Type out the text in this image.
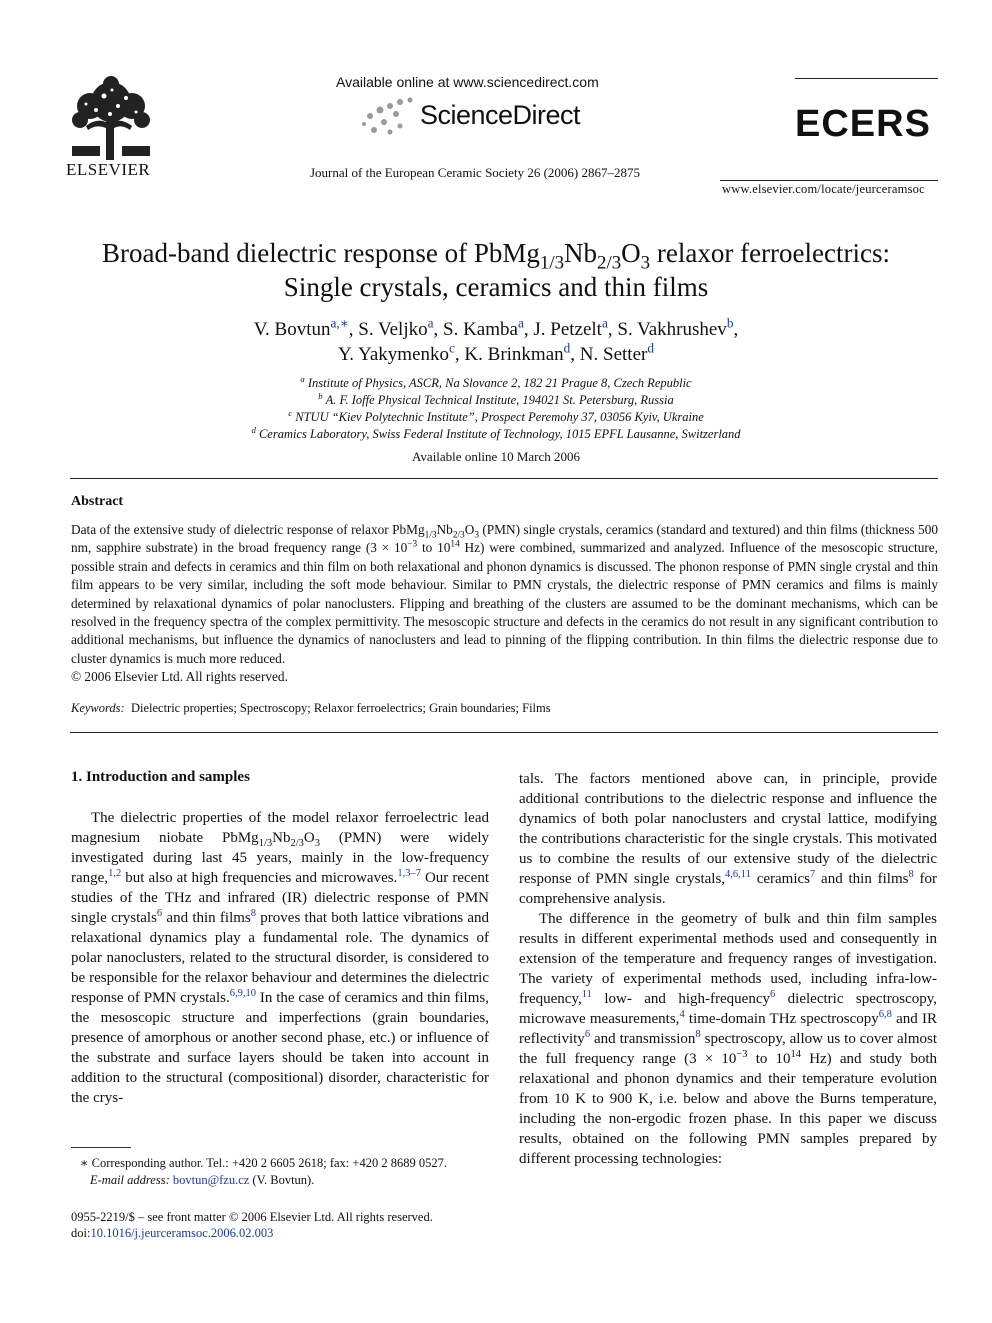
ELSEVIER
Available online at www.sciencedirect.com
ScienceDirect
Journal of the European Ceramic Society 26 (2006) 2867–2875
ECERS
www.elsevier.com/locate/jeurceramsoc
Broad-band dielectric response of $PbMg_{1/3}Nb_{2/3}O_3$ relaxor ferroelectrics:
Single crystals, ceramics and thin films
V. Bovtun$^{a,∗}$, S. Veljko$^a$, S. Kamba$^a$, J. Petzelt$^a$, S. Vakhrushev$^b$,
Y. Yakymenko$^c$, K. Brinkman$^d$, N. Setter$^d$
$^a$ Institute of Physics, ASCR, Na Slovance 2, 182 21 Prague 8, Czech Republic
$^b$ A. F. Ioffe Physical Technical Institute, 194021 St. Petersburg, Russia
$^c$ NTUU “Kiev Polytechnic Institute”, Prospect Peremohy 37, 03056 Kyiv, Ukraine
$^d$ Ceramics Laboratory, Swiss Federal Institute of Technology, 1015 EPFL Lausanne, Switzerland
Available online 10 March 2006
Abstract
Data of the extensive study of dielectric response of relaxor $PbMg_{1/3}Nb_{2/3}O_3$ (PMN) single crystals, ceramics (standard and textured) and thin films (thickness 500 nm, sapphire substrate) in the broad frequency range ($3 \times 10^{-3}$ to $10^{14}$ Hz) were combined, summarized and analyzed. Influence of the mesoscopic structure, possible strain and defects in ceramics and thin film on both relaxational and phonon dynamics is discussed. The phonon response of PMN single crystal and thin film appears to be very similar, including the soft mode behaviour. Similar to PMN crystals, the dielectric response of PMN ceramics and films is mainly determined by relaxational dynamics of polar nanoclusters. Flipping and breathing of the clusters are assumed to be the dominant mechanisms, which can be resolved in the frequency spectra of the complex permittivity. The mesoscopic structure and defects in the ceramics do not result in any significant contribution to additional mechanisms, but influence the dynamics of nanoclusters and lead to pinning of the flipping contribution. In thin films the dielectric response due to cluster dynamics is much more reduced.
© 2006 Elsevier Ltd. All rights reserved.
Keywords: Dielectric properties; Spectroscopy; Relaxor ferroelectrics; Grain boundaries; Films
1. Introduction and samples
The dielectric properties of the model relaxor ferroelectric lead magnesium niobate $PbMg_{1/3}Nb_{2/3}O_3$ (PMN) were widely investigated during last 45 years, mainly in the low-frequency range,$^{1,2}$ but also at high frequencies and microwaves.$^{1,3-7}$ Our recent studies of the THz and infrared (IR) dielectric response of PMN single crystals$^6$ and thin films$^8$ proves that both lattice vibrations and relaxational dynamics play a fundamental role. The dynamics of polar nanoclusters, related to the structural disorder, is considered to be responsible for the relaxor behaviour and determines the dielectric response of PMN crystals.$^{6,9,10}$ In the case of ceramics and thin films, the mesoscopic structure and imperfections (grain boundaries, presence of amorphous or another second phase, etc.) or influence of the substrate and surface layers should be taken into account in addition to the structural (compositional) disorder, characteristic for the crys-
∗ Corresponding author. Tel.: +420 2 6605 2618; fax: +420 2 8689 0527.
E-mail address: bovtun@fzu.cz (V. Bovtun).
0955-2219/$ – see front matter © 2006 Elsevier Ltd. All rights reserved.
doi:10.1016/j.jeurceramsoc.2006.02.003
tals. The factors mentioned above can, in principle, provide additional contributions to the dielectric response and influence the dynamics of both polar nanoclusters and crystal lattice, modifying the contributions characteristic for the single crystals. This motivated us to combine the results of our extensive study of the dielectric response of PMN single crystals,$^{4,6,11}$ ceramics$^7$ and thin films$^8$ for comprehensive analysis.
The difference in the geometry of bulk and thin film samples results in different experimental methods used and consequently in extension of the temperature and frequency ranges of investigation. The variety of experimental methods used, including infra-low-frequency,$^{11}$ low- and high-frequency$^6$ dielectric spectroscopy, microwave measurements,$^4$ time-domain THz spectroscopy$^{6,8}$ and IR reflectivity$^6$ and transmission$^8$ spectroscopy, allow us to cover almost the full frequency range ($3 \times 10^{-3}$ to $10^{14}$ Hz) and study both relaxational and phonon dynamics and their temperature evolution from 10 K to 900 K, i.e. below and above the Burns temperature, including the non-ergodic frozen phase. In this paper we discuss results, obtained on the following PMN samples prepared by different processing technologies:
